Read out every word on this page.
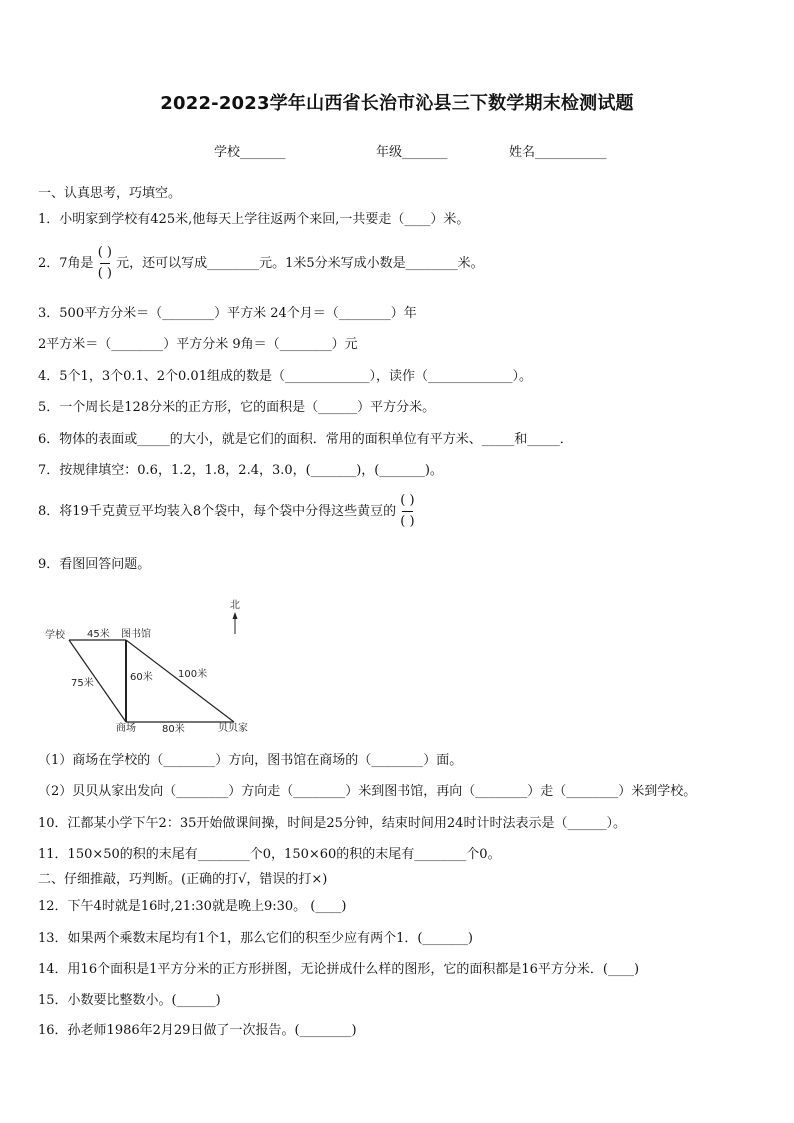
2022-2023学年山西省长治市沁县三下数学期末检测试题
学校_______	年级_______	姓名___________
一、认真思考，巧填空。
1．小明家到学校有425米,他每天上学往返两个来回,一共要走（____）米。
2．7角是 $\frac{( )}{( )}$ 元，还可以写成________元。1米5分米写成小数是________米。
3．500平方分米＝（________）平方米 24个月＝（________）年
2平方米＝（________）平方分米 9角＝（________）元
4．5个1，3个0.1、2个0.01组成的数是（_____________），读作（_____________）。
5．一个周长是128分米的正方形，它的面积是（______）平方分米。
6．物体的表面或_____的大小，就是它们的面积．常用的面积单位有平方米、_____和_____．
7．按规律填空：0.6，1.2，1.8，2.4，3.0，(_______)，(_______)。
8．将19千克黄豆平均装入8个袋中，每个袋中分得这些黄豆的 $\frac{( )}{( )}$
9．看图回答问题。
北
学校	图书馆
商场	贝贝家
45米
75米
60米	100米
80米
（1）商场在学校的（________）方向，图书馆在商场的（________）面。
（2）贝贝从家出发向（________）方向走（________）米到图书馆，再向（________）走（________）米到学校。
10．江都某小学下午2：35开始做课间操，时间是25分钟，结束时间用24时计时法表示是（______）。
11．150×50的积的末尾有________个0，150×60的积的末尾有________个0。
二、仔细推敲，巧判断。(正确的打√，错误的打×)
12．下午4时就是16时,21:30就是晚上9:30。 (____)
13．如果两个乘数末尾均有1个1，那么它们的积至少应有两个1．(_______)
14．用16个面积是1平方分米的正方形拼图，无论拼成什么样的图形，它的面积都是16平方分米．(____)
15．小数要比整数小。(______)
16．孙老师1986年2月29日做了一次报告。(________)
